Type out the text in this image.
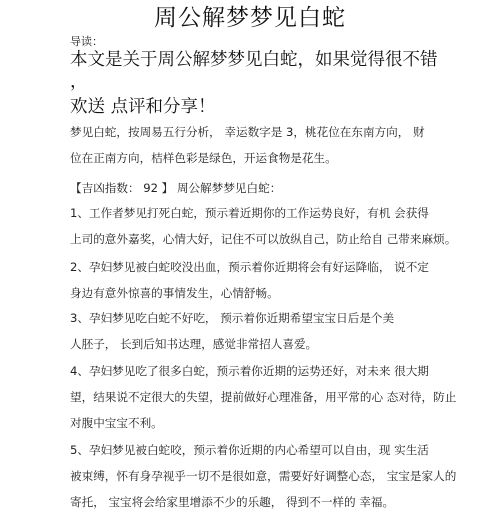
周公解梦梦见白蛇
导读：
本文是关于周公解梦梦见白蛇，如果觉得很不错
，
欢送 点评和分享！
梦见白蛇，按周易五行分析， 幸运数字是 3，桃花位在东南方向， 财
位在正南方向，桔样色彩是绿色，开运食物是花生。
【吉凶指数： 92 】 周公解梦梦见白蛇：
1、工作者梦见打死白蛇，预示着近期你的工作运势良好，有机 会获得
上司的意外嘉奖，心情大好，记住不可以放纵自己，防止给自 己带来麻烦。
2、孕妇梦见被白蛇咬没出血，预示着你近期将会有好运降临， 说不定
身边有意外惊喜的事情发生，心情舒畅。
3、孕妇梦见吃白蛇不好吃， 预示着你近期希望宝宝日后是个美
人胚子， 长到后知书达理，感觉非常招人喜爱。
4、孕妇梦见吃了很多白蛇，预示着你近期的运势还好，对未来 很大期
望，结果说不定很大的失望，提前做好心理准备，用平常的心 态对待，防止
对腹中宝宝不利。
5、孕妇梦见被白蛇咬，预示着你近期的内心希望可以自由，现 实生活
被束缚，怀有身孕视乎一切不是很如意，需要好好调整心态， 宝宝是家人的
寄托， 宝宝将会给家里增添不少的乐趣， 得到不一样的 幸福。
